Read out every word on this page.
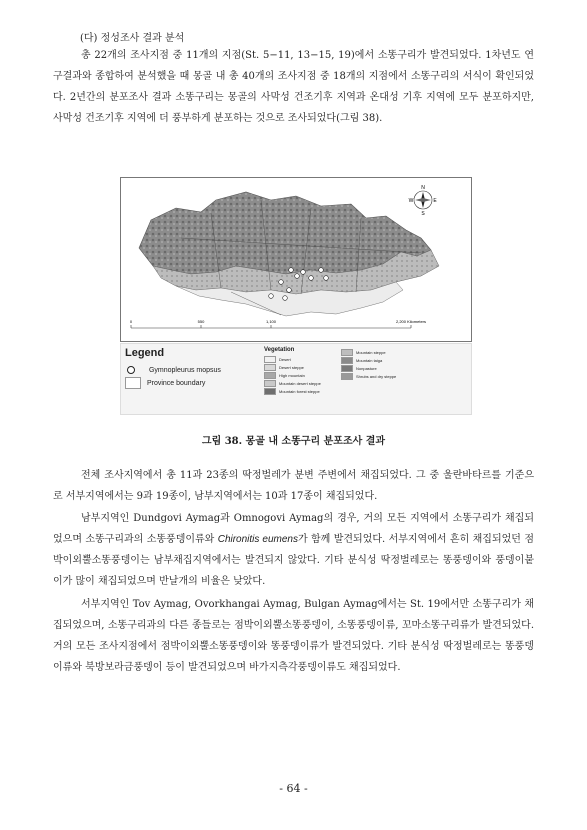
(다) 정성조사 결과 분석
총 22개의 조사지점 중 11개의 지점(St. 5−11, 13−15, 19)에서 소똥구리가 발견되었다. 1차년도 연구결과와 종합하여 분석했을 때 몽골 내 총 40개의 조사지점 중 18개의 지점에서 소똥구리의 서식이 확인되었다. 2년간의 분포조사 결과 소똥구리는 몽골의 사막성 건조기후 지역과 온대성 기후 지역에 모두 분포하지만, 사막성 건조기후 지역에 더 풍부하게 분포하는 것으로 조사되었다(그림 38).
N
S
E
W
0	550	1,100	2,200 Kilometers
Legend
Gymnopleurus mopsus
Province boundary
Vegetation
Desert
Desert steppe
High mountain
Mountain desert steppe
Mountain forest steppe
Mountain steppe
Mountain taiga
Nonpasture
Shrubs and dry steppe
그림 38. 몽골 내 소똥구리 분포조사 결과
전체 조사지역에서 총 11과 23종의 딱정벌레가 분변 주변에서 채집되었다. 그 중 울란바타르를 기준으로 서부지역에서는 9과 19종이, 남부지역에서는 10과 17종이 채집되었다.
남부지역인 Dundgovi Aymag과 Omnogovi Aymag의 경우, 거의 모든 지역에서 소똥구리가 채집되었으며 소똥구리과의 소똥풍뎅이류와 Chironitis eumens가 함께 발견되었다. 서부지역에서 흔히 채집되었던 점박이외뿔소똥풍뎅이는 남부채집지역에서는 발견되지 않았다. 기타 분식성 딱정벌레로는 똥풍뎅이와 풍뎅이붙이가 많이 채집되었으며 반날개의 비율은 낮았다.
서부지역인 Tov Aymag, Ovorkhangai Aymag, Bulgan Aymag에서는 St. 19에서만 소똥구리가 채집되었으며, 소똥구리과의 다른 종들로는 점박이외뿔소똥풍뎅이, 소똥풍뎅이류, 꼬마소똥구리류가 발견되었다. 거의 모든 조사지점에서 점박이외뿔소똥풍뎅이와 똥풍뎅이류가 발견되었다. 기타 분식성 딱정벌레로는 똥풍뎅이류와 북방보라금풍뎅이 등이 발견되었으며 바가지측각풍뎅이류도 채집되었다.
- 64 -
